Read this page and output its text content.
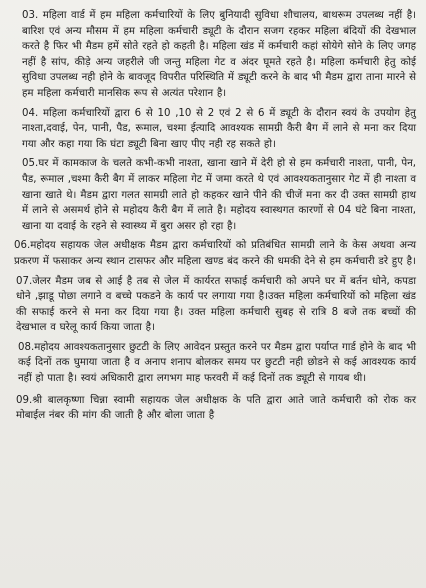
03. महिला वार्ड में हम महिला कर्मचारियों के लिए बुनियादी सुविधा शौचालय, बाथरूम उपलब्ध नहीं है। बारिश एवं अन्य मौसम में हम महिला कर्मचारी ड्यूटी के दौरान सजग रहकर महिला बंदियों की देखभाल करते है फिर भी मैडम हमें सोते रहते हो कहती है। महिला खंड में कर्मचारी कहां सोयेगे सोने के लिए जगह नहीं है सांप, कीड़े अन्य जहरीले जी जन्तु महिला गेट व अंदर घूमते रहते है। महिला कर्मचारी हेतु कोई सुविधा उपलब्ध नही होने के बावजूद विपरीत परिस्थिति में ड्यूटी करने के बाद भी मैडम द्वारा ताना मारने से हम महिला कर्मचारी मानसिक रूप से अत्यंत परेशान है।

04. महिला कर्मचारियों द्वारा 6 से 10 ,10 से 2 एवं 2 से 6 में ड्यूटी के दौरान स्वयं के उपयोग हेतु नाश्ता,दवाई, पेन, पानी, पैड, रूमाल, चश्मा ईत्यादि आवश्यक सामग्री कैरी बैग में लाने से मना कर दिया गया और कहा गया कि घंटा ड्यूटी बिना खाए पीए नही रह सकते हो।

05.घर में कामकाज के चलते कभी-कभी नाश्ता, खाना खाने में देरी हो से हम कर्मचारी नाश्ता, पानी, पेन, पैड, रूमाल ,चश्मा कैरी बैग में लाकर महिला गेट में जमा करते थे एवं आवश्यकतानुसार गेट में ही नाश्ता व खाना खाते थे। मैडम द्वारा गलत सामग्री लाते हो कहकर खाने पीने की चीजें मना कर दी उक्त सामग्री हाथ में लाने से असमर्थ होने से महोदय कैरी बैग में लाते है। महोदय स्वास्थगत कारणों से 04 घंटे बिना नाश्ता, खाना या दवाई के रहने से स्वास्थ्य में बुरा असर हो रहा है।

06.महोदय सहायक जेल अधीक्षक मैडम द्वारा कर्मचारियों को प्रतिबंधित सामग्री लाने के केस अथवा अन्य प्रकरण में फसाकर अन्य स्थान टासफर और महिला खण्ड बंद करने की धमकी देने से हम कर्मचारी डरे हुए है।

07.जेलर मैडम जब से आई है तब से जेल में कार्यरत सफाई कर्मचारी को अपने घर में बर्तन धोने, कपडा धोने ,झाडू पोछा लगाने व बच्चे पकडने के कार्य पर लगाया गया है।उक्त महिला कर्मचारियों को महिला खंड की सफाई करने से मना कर दिया गया है। उक्त महिला कर्मचारी सुबह से रात्रि 8 बजे तक बच्चों की देखभाल व घरेलू कार्य किया जाता है।

08.महोदय आवश्यकतानुसार छुटटी के लिए आवेदन प्रस्तुत करने पर मैडम द्वारा पर्याप्त गार्ड होने के बाद भी कई दिनों तक घुमाया जाता है व अनाप शनाप बोलकर समय पर छुटटी नही छोडने से कई आवश्यक कार्य नहीं हो पाता है। स्वयं अधिकारी द्वारा लगभग माह फरवरी में कई दिनों तक ड्यूटी से गायब थी।

09.श्री बालकृष्णा चिन्ना स्वामी सहायक जेल अधीक्षक के पति द्वारा आते जाते कर्मचारी को रोक कर मोबाईल नंबर की मांग की जाती है और बोला जाता है
